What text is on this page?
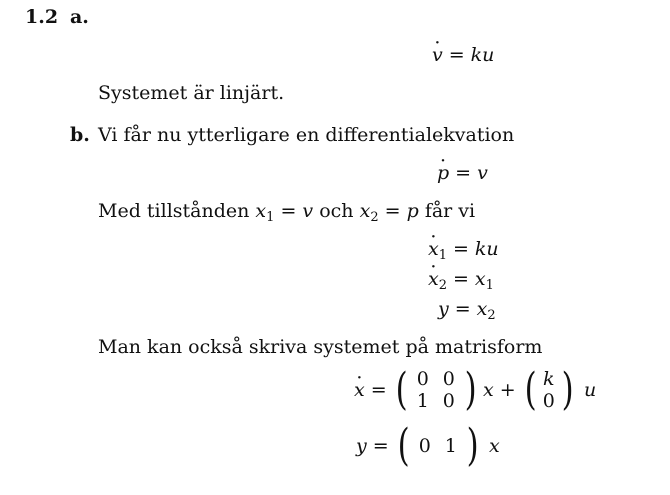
1.2 a.
· v = ku
Systemet är linjärt.
b. Vi får nu ytterligare en differentialekvation
· p = v
Med tillstånden $x_1 = v$ och $x_2 = p$ får vi
· $x_1$ = ku
· $x_2 = x_1$
$y = x_2$
Man kan också skriva systemet på matrisform
· x = ( 0 0
1 0 ) x + ( k
0 ) u
y = ( 0 1 ) x
